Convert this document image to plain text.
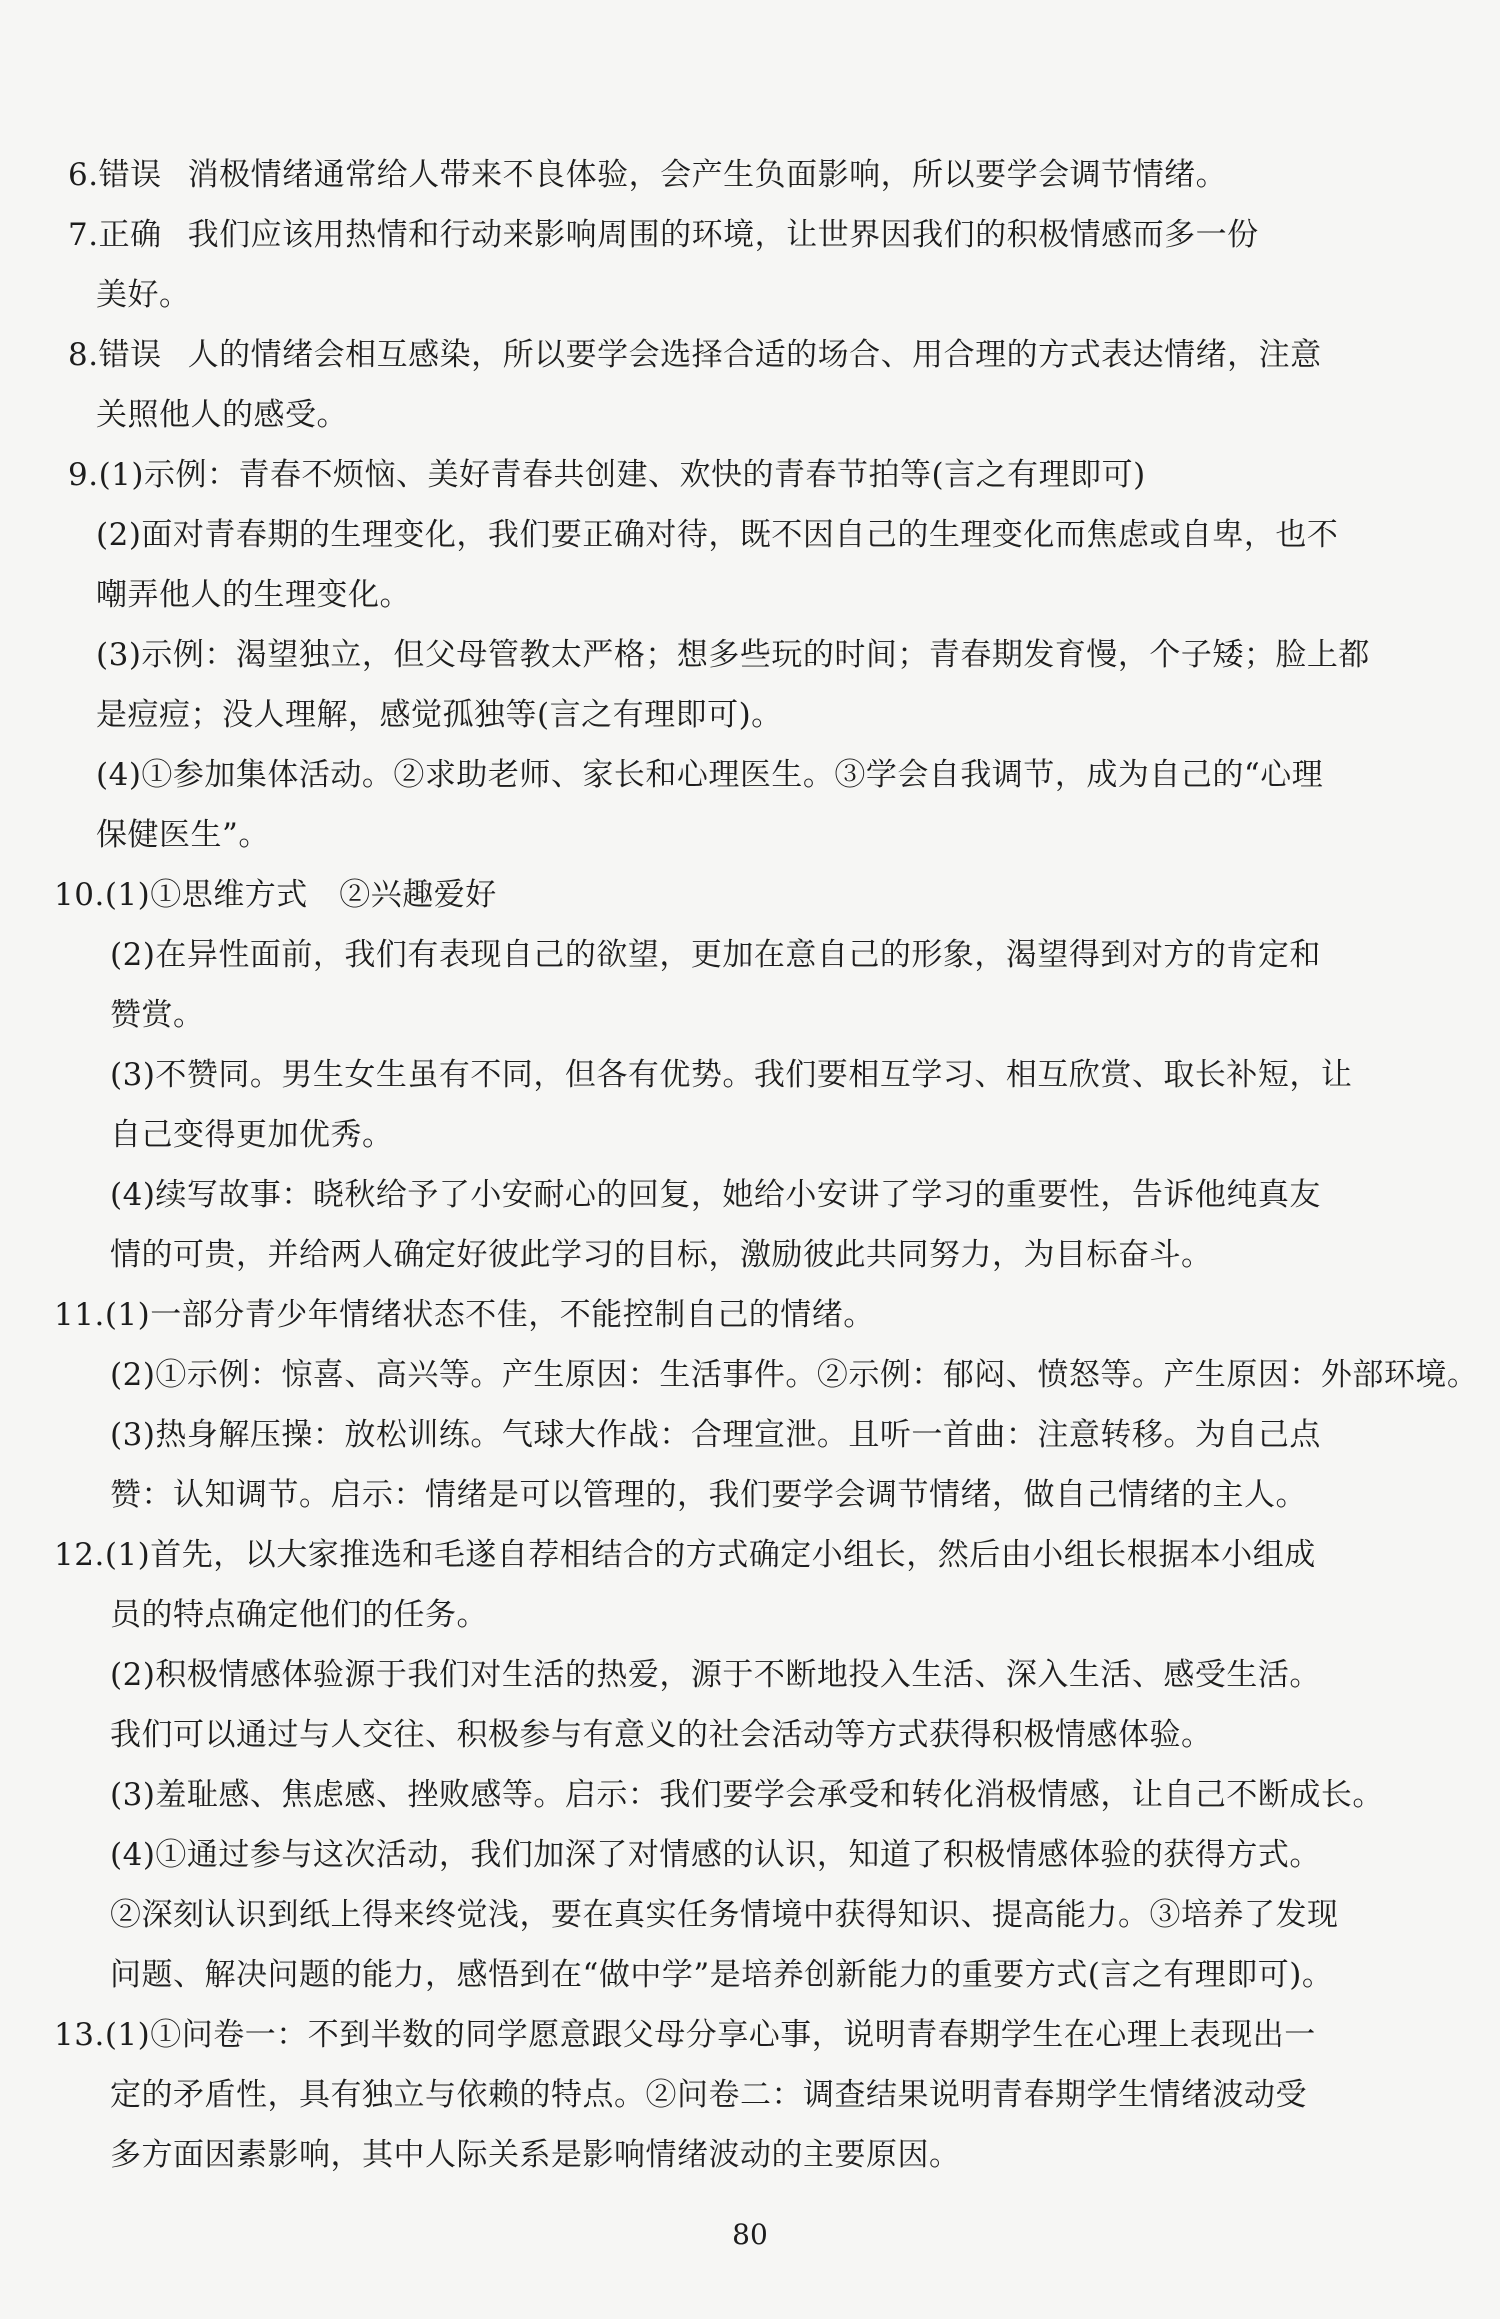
6.错误 消极情绪通常给人带来不良体验，会产生负面影响，所以要学会调节情绪。
7.正确 我们应该用热情和行动来影响周围的环境，让世界因我们的积极情感而多一份
美好。
8.错误 人的情绪会相互感染，所以要学会选择合适的场合、用合理的方式表达情绪，注意
关照他人的感受。
9.(1)示例：青春不烦恼、美好青春共创建、欢快的青春节拍等(言之有理即可)
(2)面对青春期的生理变化，我们要正确对待，既不因自己的生理变化而焦虑或自卑，也不
嘲弄他人的生理变化。
(3)示例：渴望独立，但父母管教太严格；想多些玩的时间；青春期发育慢，个子矮；脸上都
是痘痘；没人理解，感觉孤独等(言之有理即可)。
(4)①参加集体活动。②求助老师、家长和心理医生。③学会自我调节，成为自己的“心理
保健医生”。
10.(1)①思维方式　②兴趣爱好
(2)在异性面前，我们有表现自己的欲望，更加在意自己的形象，渴望得到对方的肯定和
赞赏。
(3)不赞同。男生女生虽有不同，但各有优势。我们要相互学习、相互欣赏、取长补短，让
自己变得更加优秀。
(4)续写故事：晓秋给予了小安耐心的回复，她给小安讲了学习的重要性，告诉他纯真友
情的可贵，并给两人确定好彼此学习的目标，激励彼此共同努力，为目标奋斗。
11.(1)一部分青少年情绪状态不佳，不能控制自己的情绪。
(2)①示例：惊喜、高兴等。产生原因：生活事件。②示例：郁闷、愤怒等。产生原因：外部环境。
(3)热身解压操：放松训练。气球大作战：合理宣泄。且听一首曲：注意转移。为自己点
赞：认知调节。启示：情绪是可以管理的，我们要学会调节情绪，做自己情绪的主人。
12.(1)首先，以大家推选和毛遂自荐相结合的方式确定小组长，然后由小组长根据本小组成
员的特点确定他们的任务。
(2)积极情感体验源于我们对生活的热爱，源于不断地投入生活、深入生活、感受生活。
我们可以通过与人交往、积极参与有意义的社会活动等方式获得积极情感体验。
(3)羞耻感、焦虑感、挫败感等。启示：我们要学会承受和转化消极情感，让自己不断成长。
(4)①通过参与这次活动，我们加深了对情感的认识，知道了积极情感体验的获得方式。
②深刻认识到纸上得来终觉浅，要在真实任务情境中获得知识、提高能力。③培养了发现
问题、解决问题的能力，感悟到在“做中学”是培养创新能力的重要方式(言之有理即可)。
13.(1)①问卷一：不到半数的同学愿意跟父母分享心事，说明青春期学生在心理上表现出一
定的矛盾性，具有独立与依赖的特点。②问卷二：调查结果说明青春期学生情绪波动受
多方面因素影响，其中人际关系是影响情绪波动的主要原因。
80
